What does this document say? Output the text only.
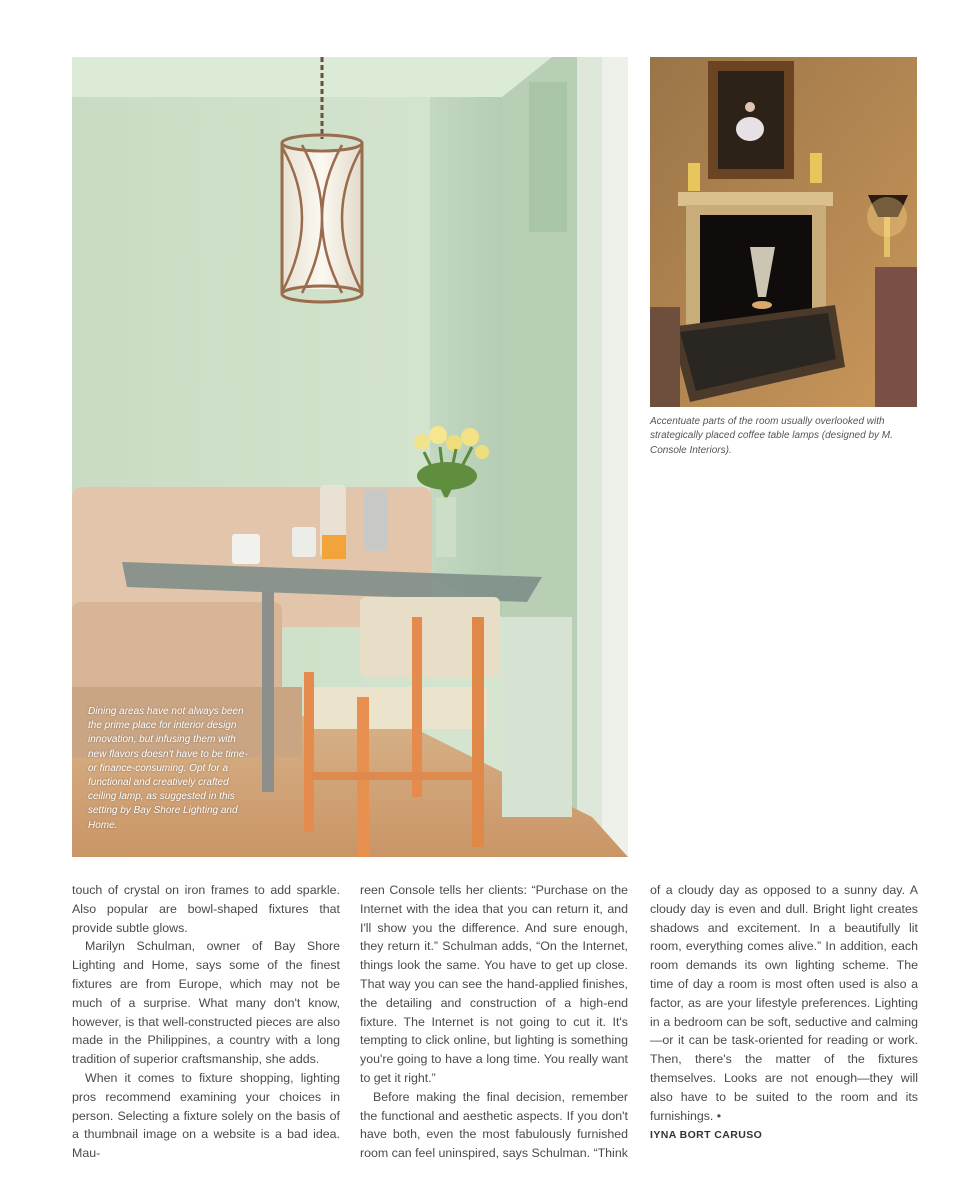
Dining areas have not always been the prime place for interior design innovation, but infusing them with new flavors doesn't have to be time- or finance-consuming. Opt for a functional and creatively crafted ceiling lamp, as suggested in this setting by Bay Shore Lighting and Home.

Accentuate parts of the room usually overlooked with strategically placed coffee table lamps (designed by M. Console Interiors).

touch of crystal on iron frames to add sparkle. Also popular are bowl-shaped fixtures that provide subtle glows.

Marilyn Schulman, owner of Bay Shore Lighting and Home, says some of the finest fixtures are from Europe, which may not be much of a surprise. What many don't know, however, is that well-constructed pieces are also made in the Philippines, a country with a long tradition of superior craftsmanship, she adds.

When it comes to fixture shopping, lighting pros recommend examining your choices in person. Selecting a fixture solely on the basis of a thumbnail image on a website is a bad idea. Mau-

reen Console tells her clients: “Purchase on the Internet with the idea that you can return it, and I'll show you the difference. And sure enough, they return it.” Schulman adds, “On the Internet, things look the same. You have to get up close. That way you can see the hand-applied finishes, the detailing and construction of a high-end fixture. The Internet is not going to cut it. It's tempting to click online, but lighting is something you're going to have a long time. You really want to get it right.”

Before making the final decision, remember the functional and aesthetic aspects. If you don't have both, even the most fabulously furnished room can feel uninspired, says Schulman. “Think

of a cloudy day as opposed to a sunny day. A cloudy day is even and dull. Bright light creates shadows and excitement. In a beautifully lit room, everything comes alive.” In addition, each room demands its own lighting scheme. The time of day a room is most often used is also a factor, as are your lifestyle preferences. Lighting in a bedroom can be soft, seductive and calming—or it can be task-oriented for reading or work. Then, there's the matter of the fixtures themselves. Looks are not enough—they will also have to be suited to the room and its furnishings. •

IYNA BORT CARUSO
